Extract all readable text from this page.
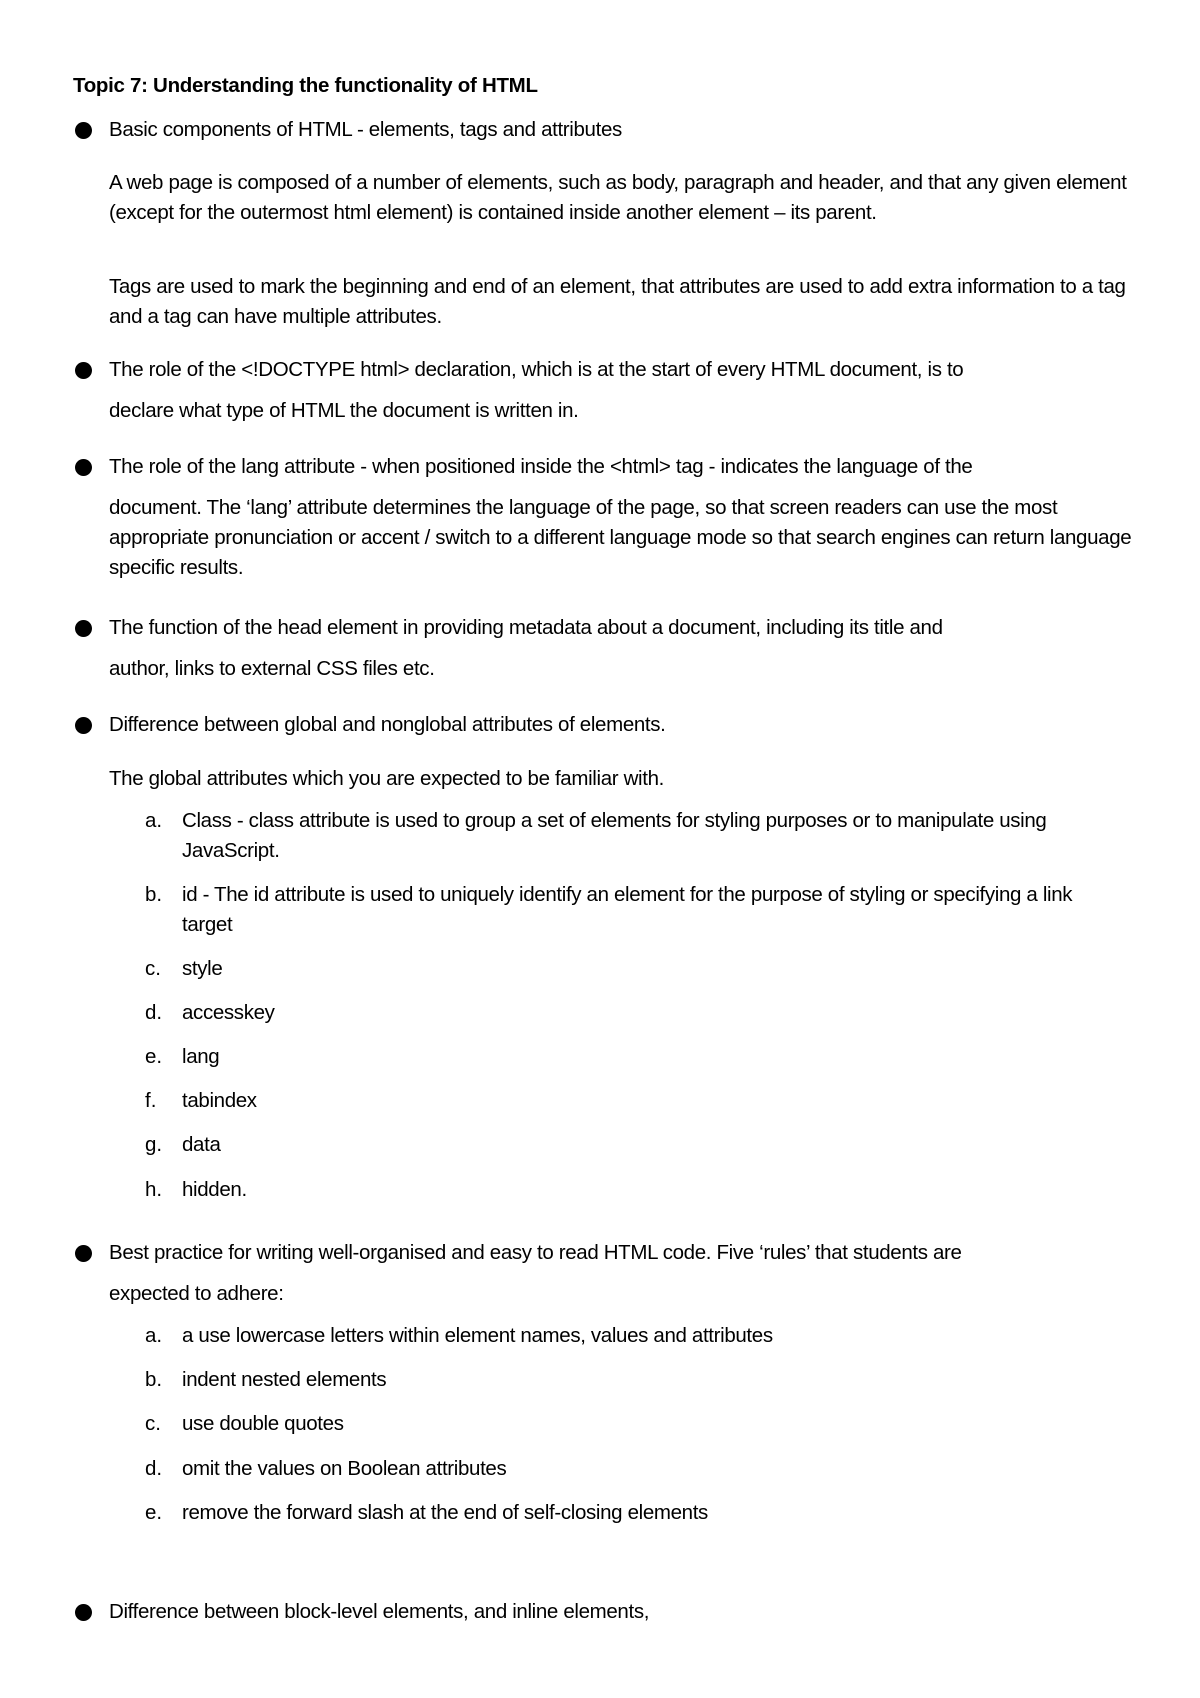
Topic 7: Understanding the functionality of HTML
Basic components of HTML - elements, tags and attributes
A web page is composed of a number of elements, such as body, paragraph and header, and that any given element (except for the outermost html element) is contained inside another element – its parent.
Tags are used to mark the beginning and end of an element, that attributes are used to add extra information to a tag and a tag can have multiple attributes.
The role of the <!DOCTYPE html> declaration, which is at the start of every HTML document, is to
declare what type of HTML the document is written in.
The role of the lang attribute - when positioned inside the <html> tag - indicates the language of the
document. The ‘lang’ attribute determines the language of the page, so that screen readers can use the most appropriate pronunciation or accent / switch to a different language mode so that search engines can return language specific results.
The function of the head element in providing metadata about a document, including its title and
author, links to external CSS files etc.
Difference between global and nonglobal attributes of elements.
The global attributes which you are expected to be familiar with.
a. Class - class attribute is used to group a set of elements for styling purposes or to manipulate using JavaScript.
b. id - The id attribute is used to uniquely identify an element for the purpose of styling or specifying a link target
c. style
d. accesskey
e. lang
f. tabindex
g. data
h. hidden.
Best practice for writing well-organised and easy to read HTML code. Five ‘rules’ that students are
expected to adhere:
a. a use lowercase letters within element names, values and attributes
b. indent nested elements
c. use double quotes
d. omit the values on Boolean attributes
e. remove the forward slash at the end of self-closing elements
Difference between block-level elements, and inline elements,
